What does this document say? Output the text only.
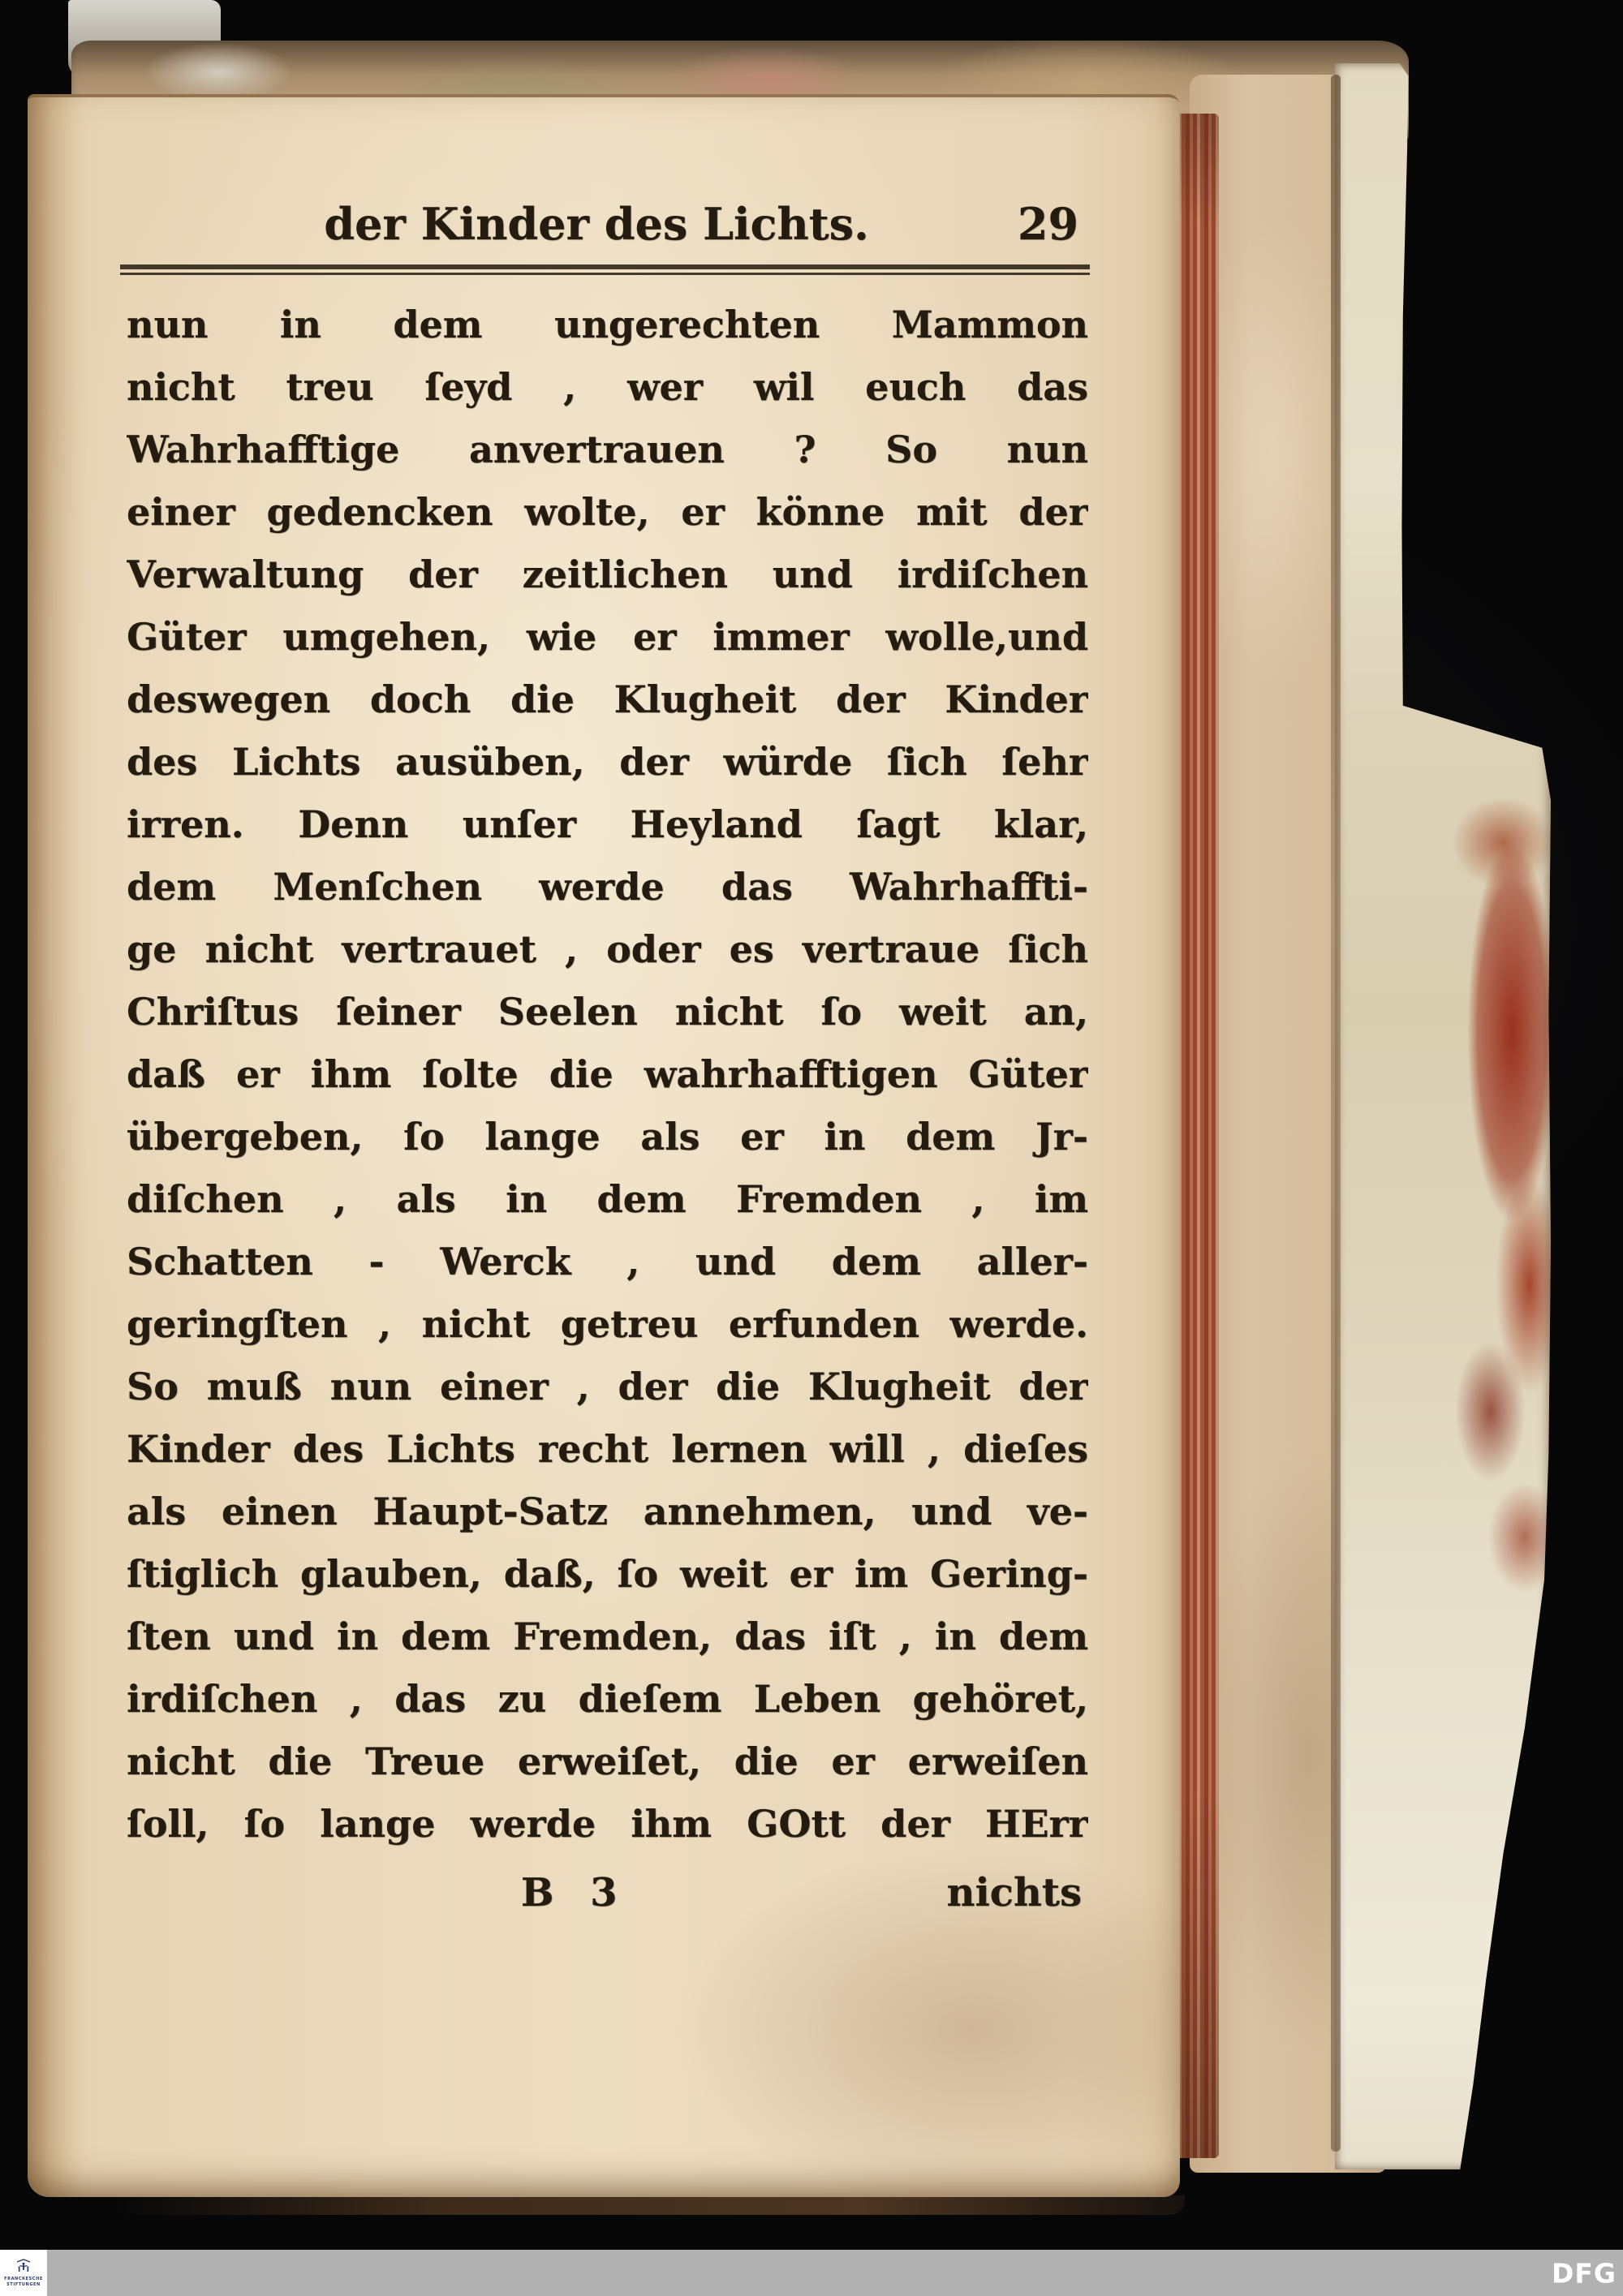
der Kinder des Lichts.	29
nun in dem ungerechten Mammon
nicht treu ſeyd , wer wil euch das
Wahrhafftige anvertrauen ? So nun
einer gedencken wolte, er könne mit der
Verwaltung der zeitlichen und irdiſchen
Güter umgehen, wie er immer wolle,und
deswegen doch die Klugheit der Kinder
des Lichts ausüben, der würde ſich ſehr
irren. Denn unſer Heyland ſagt klar,
dem Menſchen werde das Wahrhaffti-
ge nicht vertrauet , oder es vertraue ſich
Chriſtus ſeiner Seelen nicht ſo weit an,
daß er ihm ſolte die wahrhafftigen Güter
übergeben, ſo lange als er in dem Jr-
diſchen , als in dem Fremden , im
Schatten - Werck , und dem aller-
geringſten , nicht getreu erfunden werde.
So muß nun einer , der die Klugheit der
Kinder des Lichts recht lernen will , dieſes
als einen Haupt-Satz annehmen, und ve-
ſtiglich glauben, daß, ſo weit er im Gering-
ſten und in dem Fremden, das iſt , in dem
irdiſchen , das zu dieſem Leben gehöret,
nicht die Treue erweiſet, die er erweiſen
ſoll, ſo lange werde ihm GOtt der HErr
B 3	nichts
FRANCKESCHE
STIFTUNGEN	DFG
